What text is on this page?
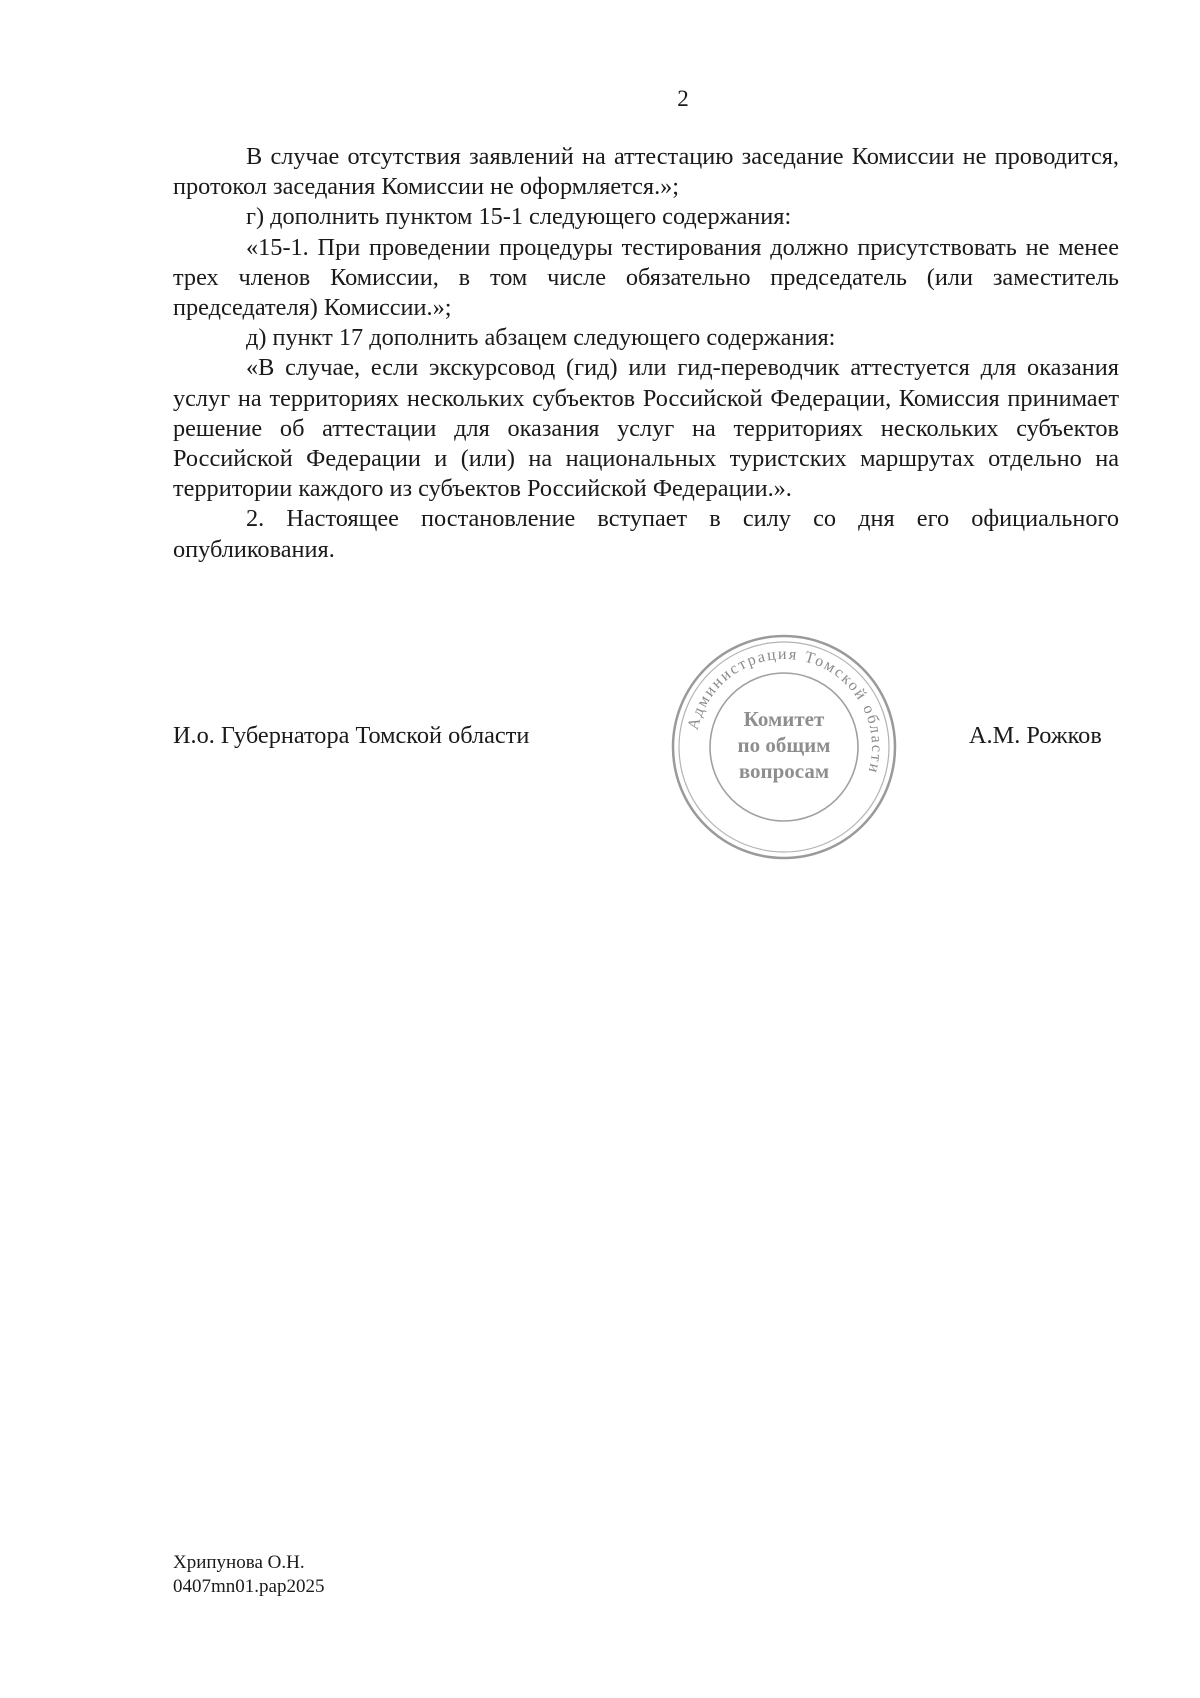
2

В случае отсутствия заявлений на аттестацию заседание Комиссии не проводится, протокол заседания Комиссии не оформляется.»;

г) дополнить пунктом 15-1 следующего содержания:

«15-1. При проведении процедуры тестирования должно присутствовать не менее трех членов Комиссии, в том числе обязательно председатель (или заместитель председателя) Комиссии.»;

д) пункт 17 дополнить абзацем следующего содержания:

«В случае, если экскурсовод (гид) или гид-переводчик аттестуется для оказания услуг на территориях нескольких субъектов Российской Федерации, Комиссия принимает решение об аттестации для оказания услуг на территориях нескольких субъектов Российской Федерации и (или) на национальных туристских маршрутах отдельно на территории каждого из субъектов Российской Федерации.».

2. Настоящее постановление вступает в силу со дня его официального опубликования.

И.о. Губернатора Томской области	Администрация Томской области
Комитет
по общим
вопросам
А.М. Рожков
Хрипунова О.Н.
0407mn01.pap2025
